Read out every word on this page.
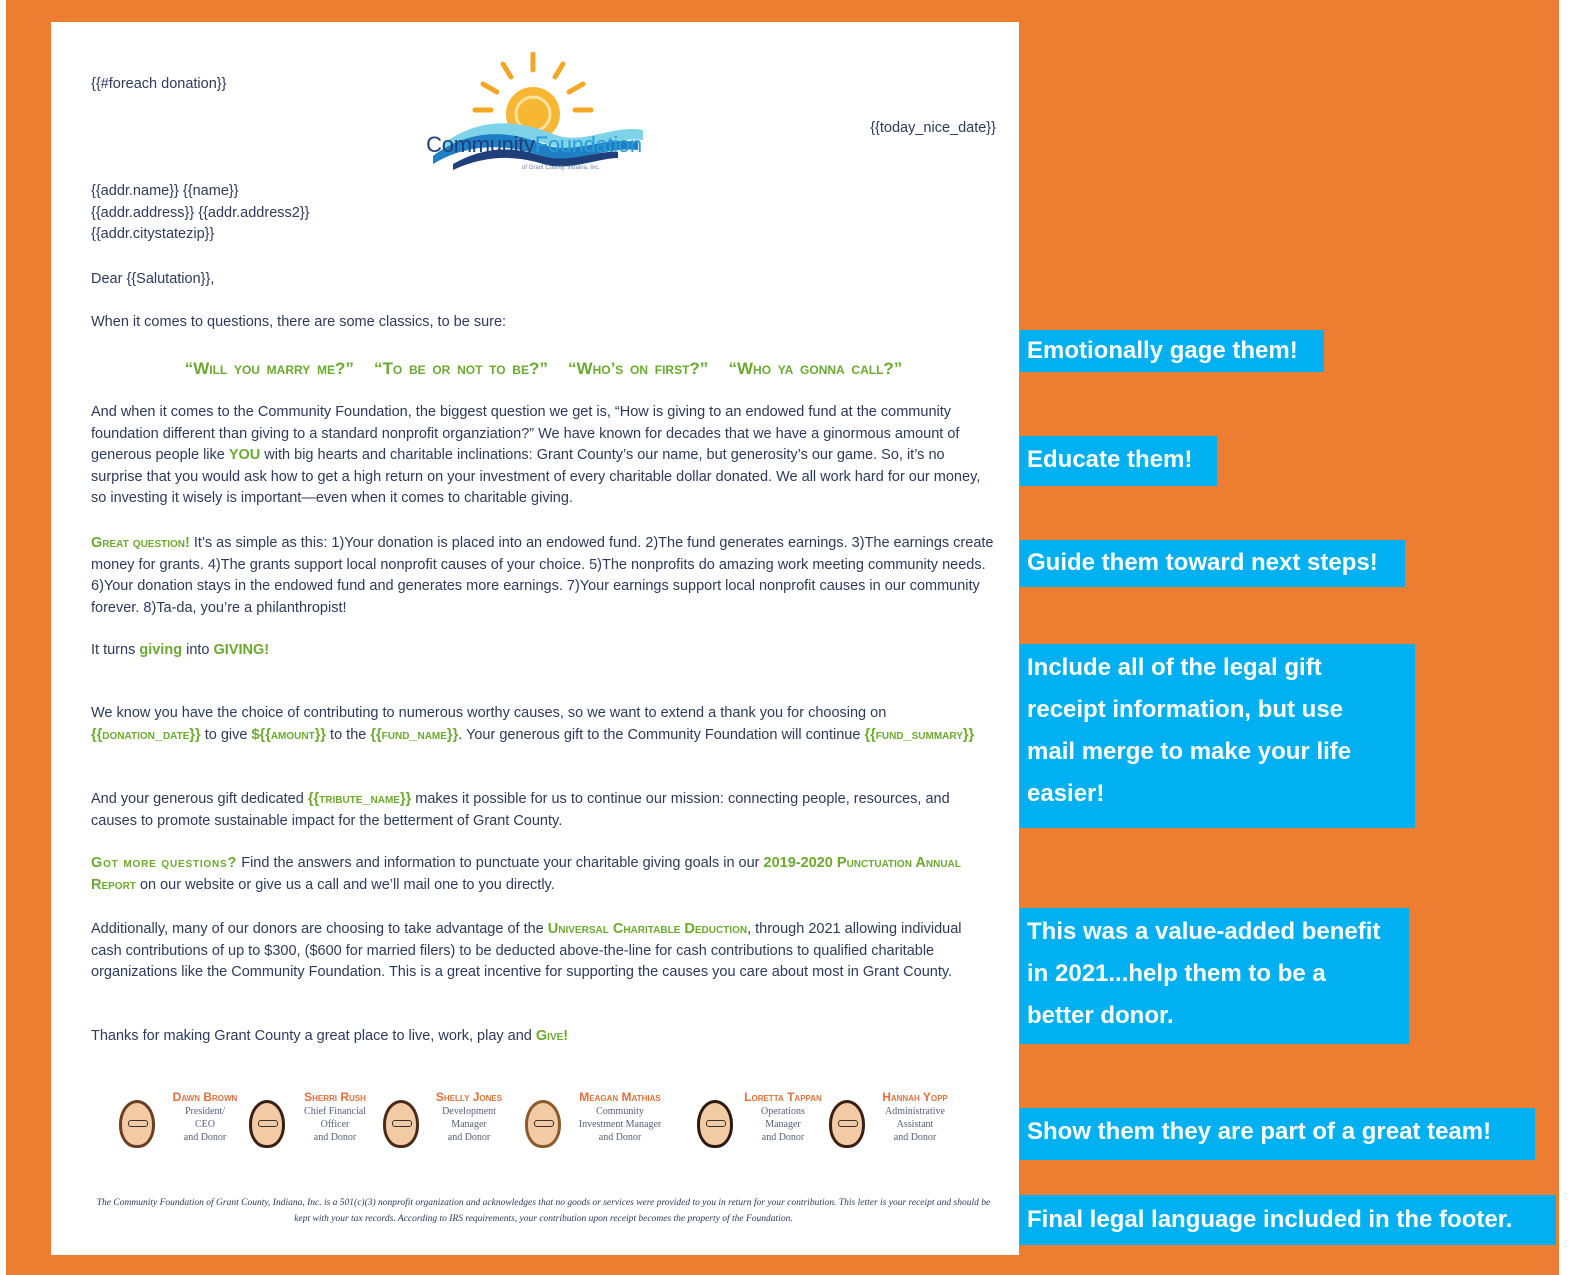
{{#foreach donation}}
CommunityFoundation
of Grant County, Indiana, Inc.
{{today_nice_date}}
{{addr.name}} {{name}}
{{addr.address}} {{addr.address2}}
{{addr.citystatezip}}
Dear {{Salutation}},
When it comes to questions, there are some classics, to be sure:
“Will you marry me?” “To be or not to be?” “Who’s on first?” “Who ya gonna call?”
And when it comes to the Community Foundation, the biggest question we get is, “How is giving to an endowed fund at the community foundation different than giving to a standard nonprofit organziation?” We have known for decades that we have a ginormous amount of generous people like YOU with big hearts and charitable inclinations: Grant County’s our name, but generosity’s our game. So, it’s no surprise that you would ask how to get a high return on your investment of every charitable dollar donated. We all work hard for our money, so investing it wisely is important—even when it comes to charitable giving.
Great question! It’s as simple as this: 1)Your donation is placed into an endowed fund. 2)The fund generates earnings. 3)The earnings create money for grants. 4)The grants support local nonprofit causes of your choice. 5)The nonprofits do amazing work meeting community needs. 6)Your donation stays in the endowed fund and generates more earnings. 7)Your earnings support local nonprofit causes in our community forever. 8)Ta-da, you’re a philanthropist!
It turns giving into GIVING!
We know you have the choice of contributing to numerous worthy causes, so we want to extend a thank you for choosing on {{donation_date}} to give ${{amount}} to the {{fund_name}}. Your generous gift to the Community Foundation will continue {{fund_summary}}
And your generous gift dedicated {{tribute_name}} makes it possible for us to continue our mission: connecting people, resources, and causes to promote sustainable impact for the betterment of Grant County.
Got more questions? Find the answers and information to punctuate your charitable giving goals in our 2019-2020 Punctuation Annual Report on our website or give us a call and we’ll mail one to you directly.
Additionally, many of our donors are choosing to take advantage of the Universal Charitable Deduction, through 2021 allowing individual cash contributions of up to $300, ($600 for married filers) to be deducted above-the-line for cash contributions to qualified charitable organizations like the Community Foundation. This is a great incentive for supporting the causes you care about most in Grant County.
Thanks for making Grant County a great place to live, work, play and Give!
Dawn Brown
President/
CEO
and Donor
Sherri Rush
Chief Financial
Officer
and Donor
Shelly Jones
Development
Manager
and Donor
Meagan Mathias
Community
Investment Manager
and Donor
Loretta Tappan
Operations
Manager
and Donor
Hannah Yopp
Administrative
Assistant
and Donor
The Community Foundation of Grant County, Indiana, Inc. is a 501(c)(3) nonprofit organization and acknowledges that no goods or services were provided to you in return for your contribution. This letter is your receipt and should be kept with your tax records. According to IRS requirements, your contribution upon receipt becomes the property of the Foundation.
Emotionally gage them!
Educate them!
Guide them toward next steps!
Include all of the legal gift
receipt information, but use
mail merge to make your life
easier!
This was a value-added benefit
in 2021...help them to be a
better donor.
Show them they are part of a great team!
Final legal language included in the footer.
